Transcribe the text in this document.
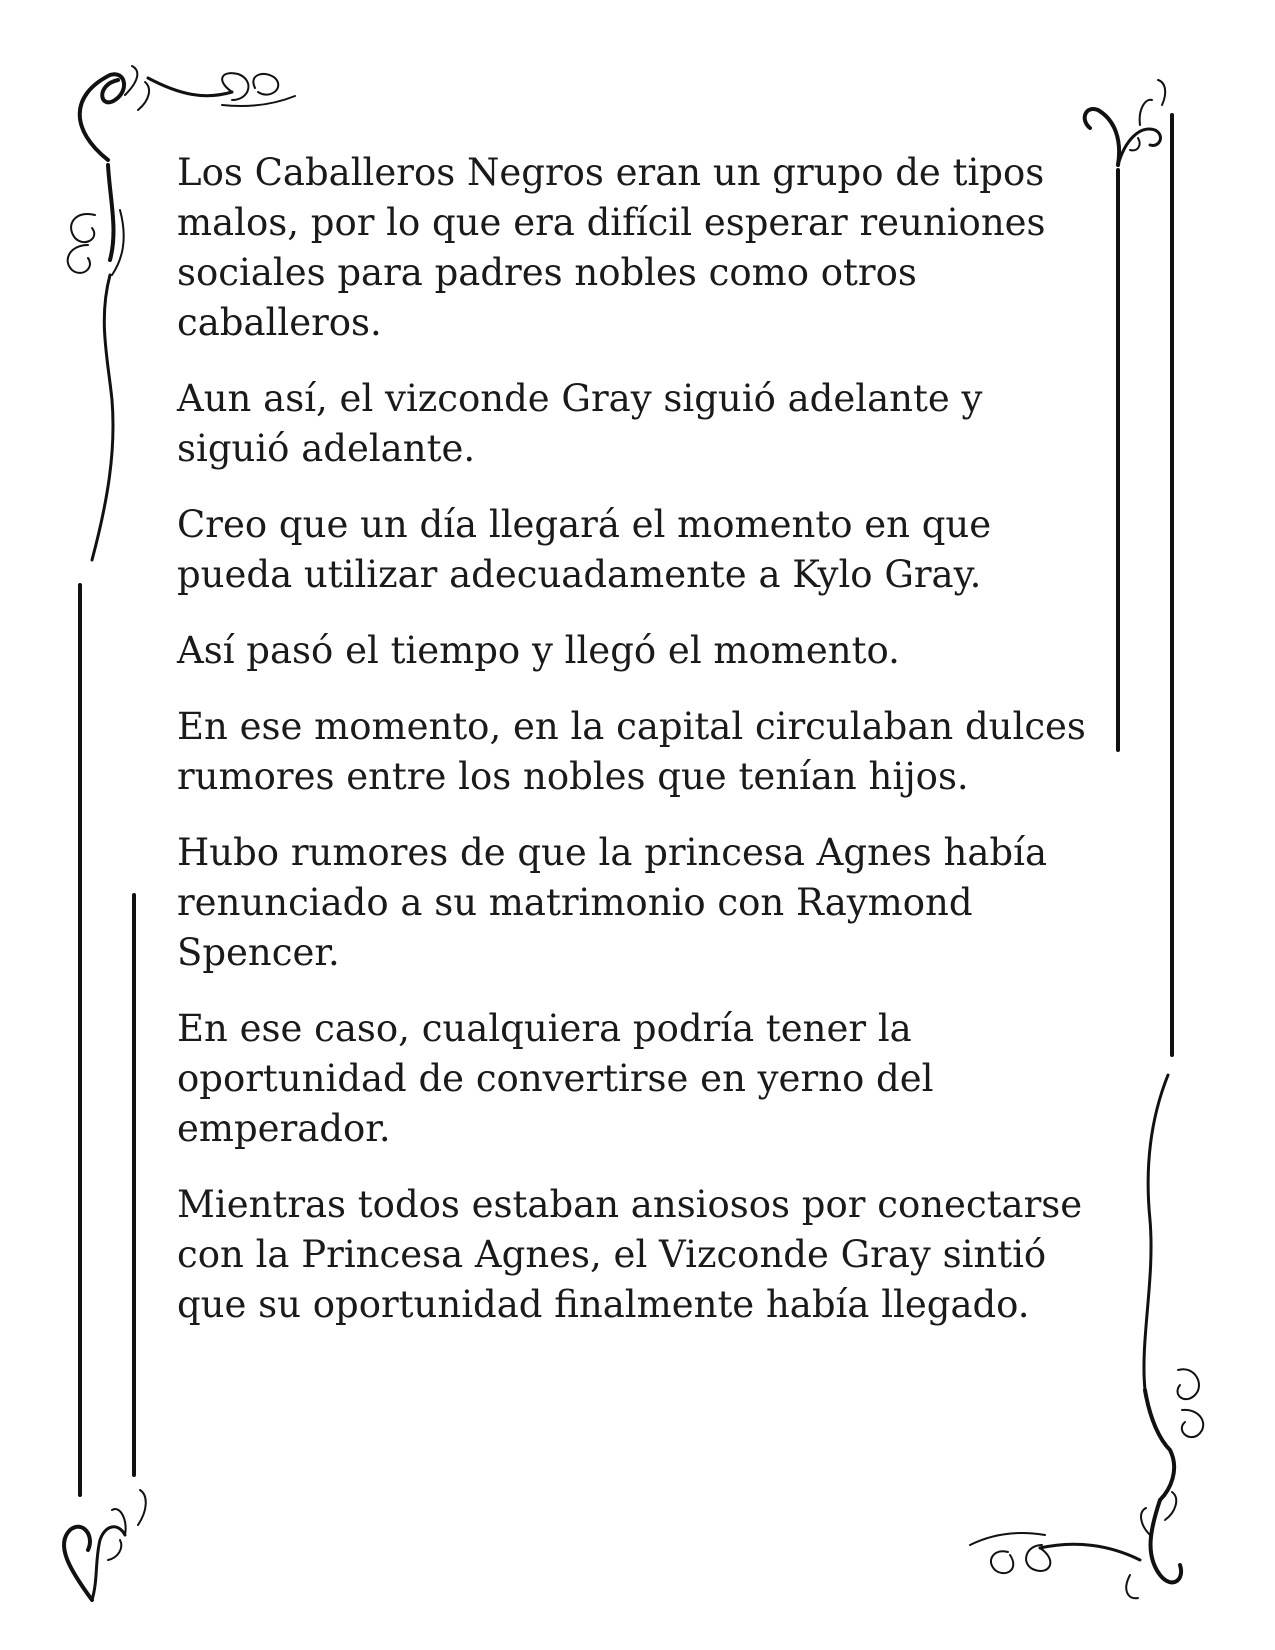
Los Caballeros Negros eran un grupo de tipos malos, por lo que era difícil esperar reuniones sociales para padres nobles como otros caballeros.

Aun así, el vizconde Gray siguió adelante y siguió adelante.

Creo que un día llegará el momento en que pueda utilizar adecuadamente a Kylo Gray.

Así pasó el tiempo y llegó el momento.

En ese momento, en la capital circulaban dulces rumores entre los nobles que tenían hijos.

Hubo rumores de que la princesa Agnes había renunciado a su matrimonio con Raymond Spencer.

En ese caso, cualquiera podría tener la oportunidad de convertirse en yerno del emperador.

Mientras todos estaban ansiosos por conectarse con la Princesa Agnes, el Vizconde Gray sintió que su oportunidad finalmente había llegado.
